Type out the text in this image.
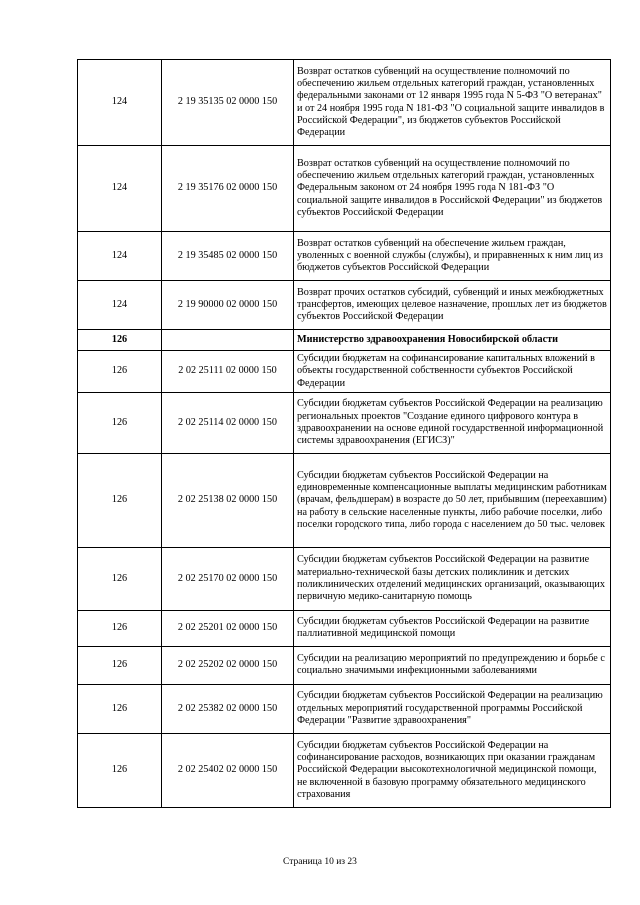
124	2 19 35135 02 0000 150	Возврат остатков субвенций на осуществление полномочий по обеспечению жильем отдельных категорий граждан, установленных федеральными законами от 12 января 1995 года N 5-ФЗ "О ветеранах" и от 24 ноября 1995 года N 181-ФЗ "О социальной защите инвалидов в Российской Федерации", из бюджетов субъектов Российской Федерации
124	2 19 35176 02 0000 150	Возврат остатков субвенций на осуществление полномочий по обеспечению жильем отдельных категорий граждан, установленных Федеральным законом от 24 ноября 1995 года N 181-ФЗ "О социальной защите инвалидов в Российской Федерации" из бюджетов субъектов Российской Федерации
124	2 19 35485 02 0000 150	Возврат остатков субвенций на обеспечение жильем граждан, уволенных с военной службы (службы), и приравненных к ним лиц из бюджетов субъектов Российской Федерации
124	2 19 90000 02 0000 150	Возврат прочих остатков субсидий, субвенций и иных межбюджетных трансфертов, имеющих целевое назначение, прошлых лет из бюджетов субъектов Российской Федерации
126		Министерство здравоохранения Новосибирской области
126	2 02 25111 02 0000 150	Субсидии бюджетам на софинансирование капитальных вложений в объекты государственной собственности субъектов Российской Федерации
126	2 02 25114 02 0000 150	Субсидии бюджетам субъектов Российской Федерации на реализацию региональных проектов "Создание единого цифрового контура в здравоохранении на основе единой государственной информационной системы здравоохранения (ЕГИСЗ)"
126	2 02 25138 02 0000 150	Субсидии бюджетам субъектов Российской Федерации на единовременные компенсационные выплаты медицинским работникам (врачам, фельдшерам) в возрасте до 50 лет, прибывшим (переехавшим) на работу в сельские населенные пункты, либо рабочие поселки, либо поселки городского типа, либо города с населением до 50 тыс. человек
126	2 02 25170 02 0000 150	Субсидии бюджетам субъектов Российской Федерации на развитие материально-технической базы детских поликлиник и детских поликлинических отделений медицинских организаций, оказывающих первичную медико-санитарную помощь
126	2 02 25201 02 0000 150	Субсидии бюджетам субъектов Российской Федерации на развитие паллиативной медицинской помощи
126	2 02 25202 02 0000 150	Субсидии на реализацию мероприятий по предупреждению и борьбе с социально значимыми инфекционными заболеваниями
126	2 02 25382 02 0000 150	Субсидии бюджетам субъектов Российской Федерации на реализацию отдельных мероприятий государственной программы Российской Федерации "Развитие здравоохранения"
126	2 02 25402 02 0000 150	Субсидии бюджетам субъектов Российской Федерации на софинансирование расходов, возникающих при оказании гражданам Российской Федерации высокотехнологичной медицинской помощи, не включенной в базовую программу обязательного медицинского страхования
Страница 10 из 23
